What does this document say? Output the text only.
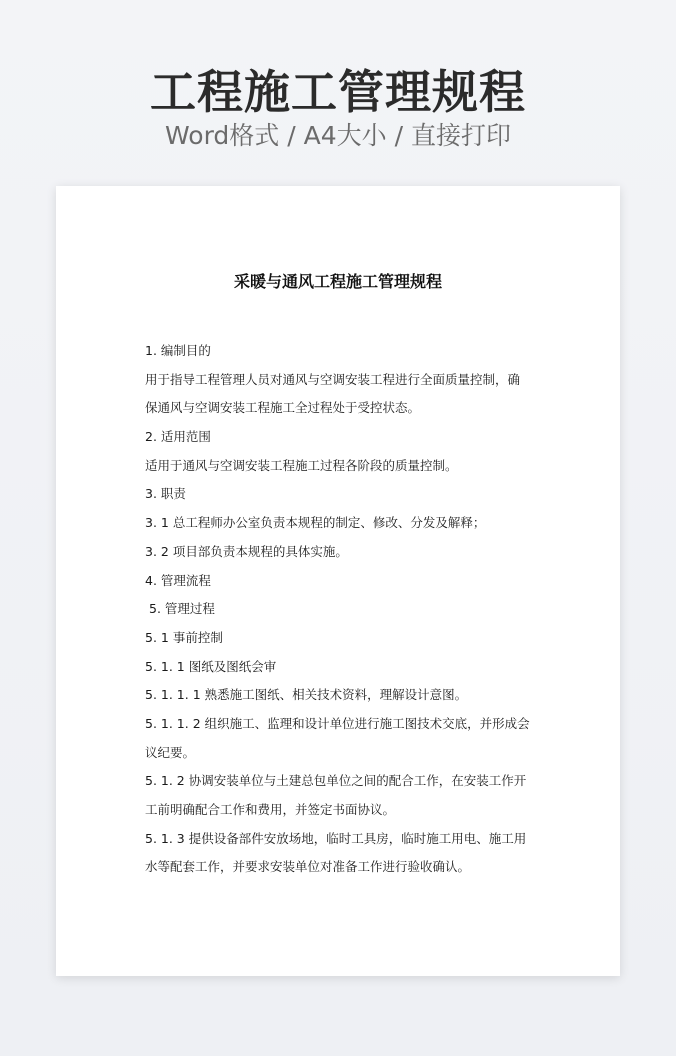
工程施工管理规程
Word格式 / A4大小 / 直接打印
采暖与通风工程施工管理规程
1. 编制目的
用于指导工程管理人员对通风与空调安装工程进行全面质量控制，确
保通风与空调安装工程施工全过程处于受控状态。
2. 适用范围
适用于通风与空调安装工程施工过程各阶段的质量控制。
3. 职责
3. 1 总工程师办公室负责本规程的制定、修改、分发及解释；
3. 2 项目部负责本规程的具体实施。
4. 管理流程
5. 管理过程
5. 1 事前控制
5. 1. 1 图纸及图纸会审
5. 1. 1. 1 熟悉施工图纸、相关技术资料，理解设计意图。
5. 1. 1. 2 组织施工、监理和设计单位进行施工图技术交底，并形成会
议纪要。
5. 1. 2 协调安装单位与土建总包单位之间的配合工作，在安装工作开
工前明确配合工作和费用，并签定书面协议。
5. 1. 3 提供设备部件安放场地，临时工具房，临时施工用电、施工用
水等配套工作，并要求安装单位对准备工作进行验收确认。
